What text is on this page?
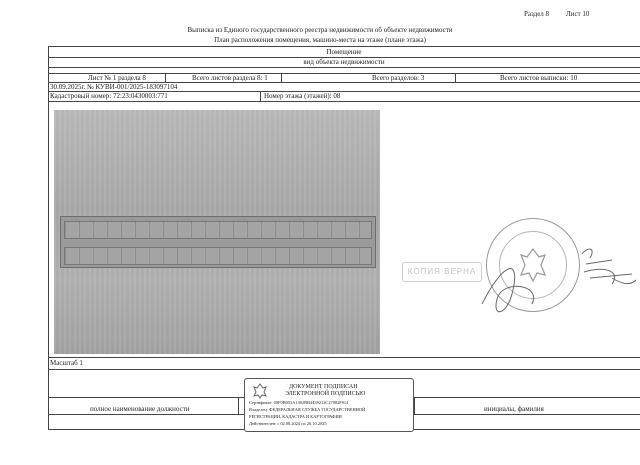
Раздел 8 Лист 10
Выписка из Единого государственного реестра недвижимости об объекте недвижимости
План расположения помещения, машино-места на этаже (плане этажа)
Помещение
вид объекта недвижимости
Лист № 1 раздела 8	Всего листов раздела 8: 1	Всего разделов: 3	Всего листов выписки: 10
30.09.2025г. № КУВИ-001/2025-183097104
Кадастровый номер: 72:23:0430003:771	Номер этажа (этажей): 08
КОПИЯ ВЕРНА
Масштаб 1
полное наименование должности	инициалы, фамилия
ДОКУМЕНТ ПОДПИСАН
ЭЛЕКТРОННОЙ ПОДПИСЬЮ
Сертификат: 00F0B053A1302BB4439212C27082F014
Владелец: ФЕДЕРАЛЬНАЯ СЛУЖБА ГОСУДАРСТВЕННОЙ
РЕГИСТРАЦИИ, КАДАСТРА И КАРТОГРАФИИ
Действителен: с 02.08.2024 по 26.10.2025
